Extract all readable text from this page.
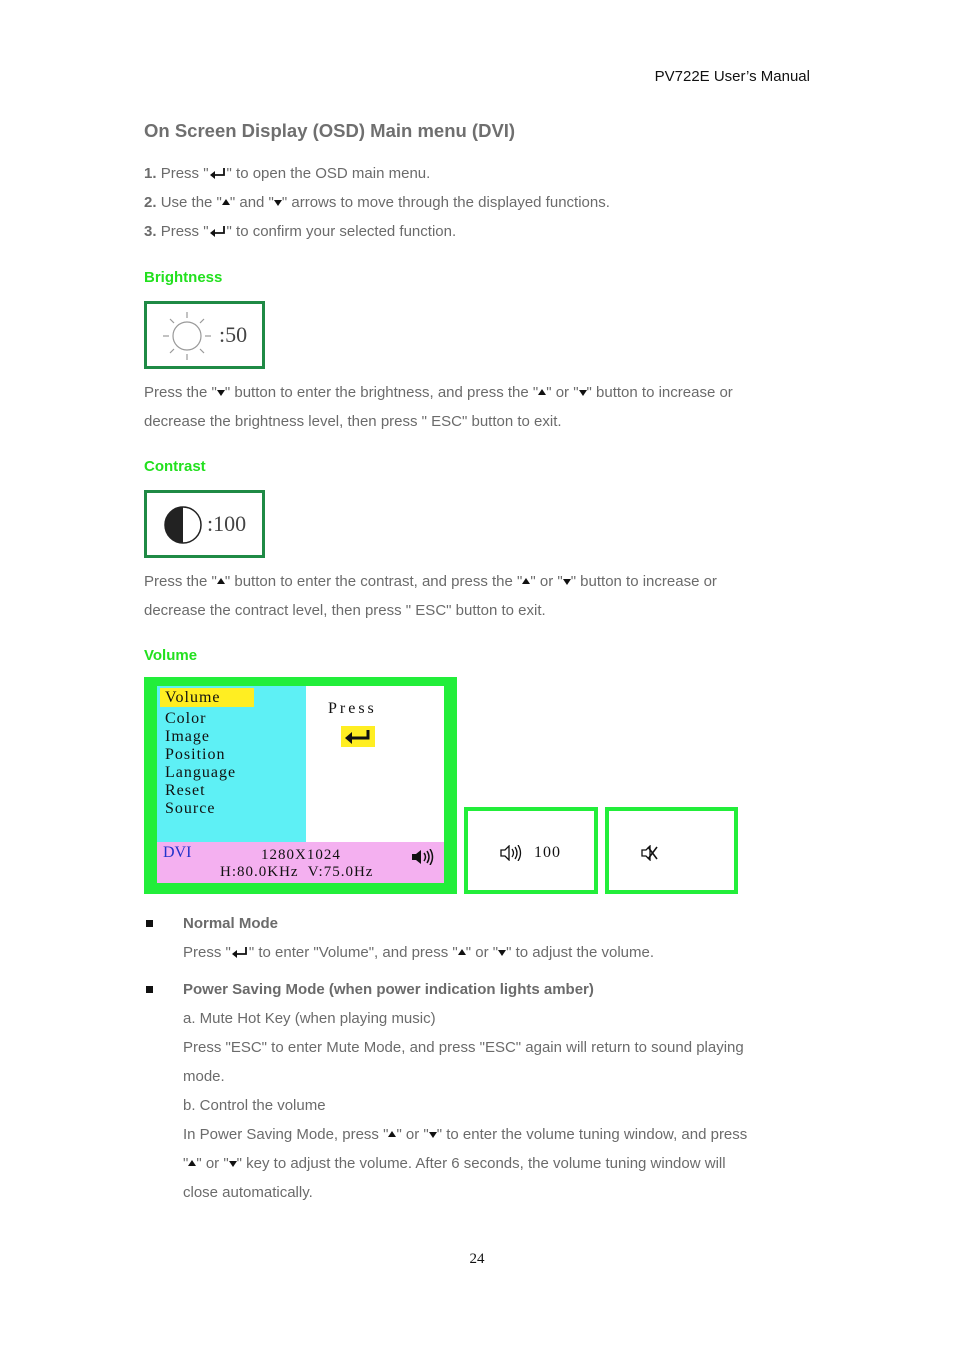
PV722E User’s Manual
On Screen Display (OSD) Main menu (DVI)
1. Press " " to open the OSD main menu.
2. Use the " " and " " arrows to move through the displayed functions.
3. Press " " to confirm your selected function.
Brightness
:50
Press the " " button to enter the brightness, and press the " " or " " button to increase or
decrease the brightness level, then press " ESC" button to exit.
Contrast
:100
Press the " " button to enter the contrast, and press the " " or " " button to increase or
decrease the contract level, then press " ESC" button to exit.
Volume
Volume
Color
Image
Position
Language
Reset
Source
Press
DVI	1280X1024
H:80.0KHz  V:75.0Hz
100
Normal Mode
Press " " to enter "Volume", and press " " or " " to adjust the volume.
Power Saving Mode (when power indication lights amber)
a. Mute Hot Key (when playing music)
Press "ESC" to enter Mute Mode, and press "ESC" again will return to sound playing
mode.
b. Control the volume
In Power Saving Mode, press " " or " " to enter the volume tuning window, and press
" " or " " key to adjust the volume. After 6 seconds, the volume tuning window will
close automatically.
24
